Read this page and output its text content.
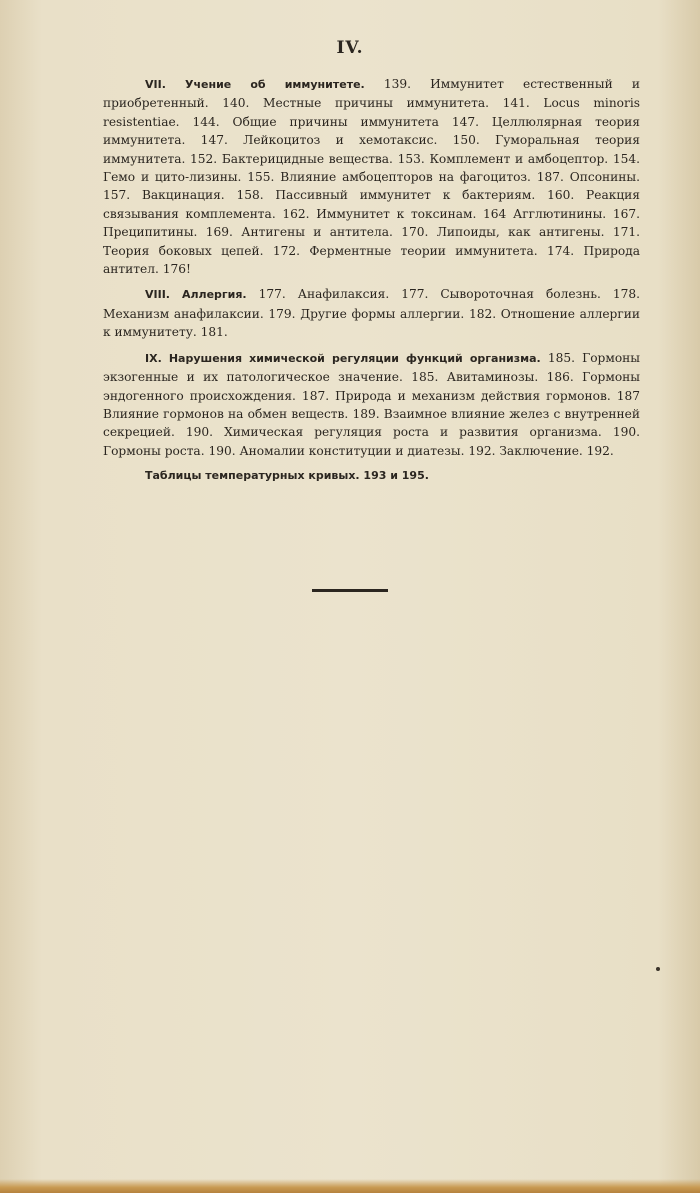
IV.

VII. Учение об иммунитете. 139. Иммунитет естественный и приобретенный. 140. Местные причины иммунитета. 141. Locus minoris resistentiae. 144. Общие причины иммунитета 147. Целлюлярная теория иммунитета. 147. Лейкоцитоз и хемотаксис. 150. Гуморальная теория иммунитета. 152. Бактерицидные вещества. 153. Комплемент и амбоцептор. 154. Гемо и цито-лизины. 155. Влияние амбоцепторов на фагоцитоз. 187. Опсонины. 157. Вакцинация. 158. Пассивный иммунитет к бактериям. 160. Реакция связывания комплемента. 162. Иммунитет к токсинам. 164 Агглютинины. 167. Преципитины. 169. Антигены и антитела. 170. Липоиды, как антигены. 171. Теория боковых цепей. 172. Ферментные теории иммунитета. 174. Природа антител. 176!

VIII. Аллергия. 177. Анафилаксия. 177. Сывороточная болезнь. 178. Механизм анафилаксии. 179. Другие формы аллергии. 182. Отношение аллергии к иммунитету. 181.

IX. Нарушения химической регуляции функций организма. 185. Гормоны экзогенные и их патологическое значение. 185. Авитаминозы. 186. Гормоны эндогенного происхождения. 187. Природа и механизм действия гормонов. 187 Влияние гормонов на обмен веществ. 189. Взаимное влияние желез с внутренней секрецией. 190. Химическая регуляция роста и развития организма. 190. Гормоны роста. 190. Аномалии конституции и диатезы. 192. Заключение. 192.

Таблицы температурных кривых. 193 и 195.
